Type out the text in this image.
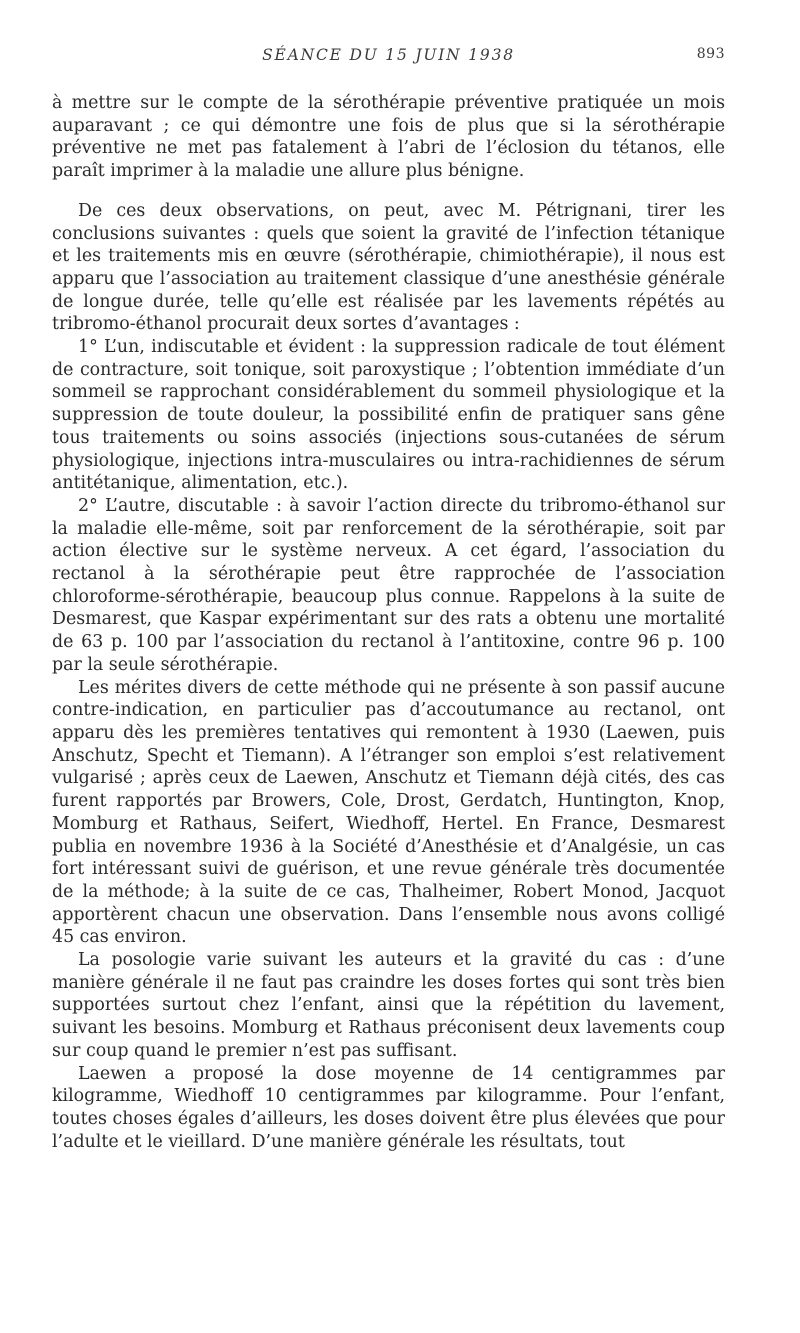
SÉANCE DU 15 JUIN 1938	893

à mettre sur le compte de la sérothérapie préventive pratiquée un mois auparavant ; ce qui démontre une fois de plus que si la sérothérapie préventive ne met pas fatalement à l’abri de l’éclosion du tétanos, elle paraît imprimer à la maladie une allure plus bénigne.

De ces deux observations, on peut, avec M. Pétrignani, tirer les conclusions suivantes : quels que soient la gravité de l’infection tétanique et les traitements mis en œuvre (sérothérapie, chimiothérapie), il nous est apparu que l’association au traitement classique d’une anesthésie générale de longue durée, telle qu’elle est réalisée par les lavements répétés au tribromo-éthanol procurait deux sortes d’avantages :

1° L’un, indiscutable et évident : la suppression radicale de tout élément de contracture, soit tonique, soit paroxystique ; l’obtention immédiate d’un sommeil se rapprochant considérablement du sommeil physiologique et la suppression de toute douleur, la possibilité enfin de pratiquer sans gêne tous traitements ou soins associés (injections sous-cutanées de sérum physiologique, injections intra-musculaires ou intra-rachidiennes de sérum antitétanique, alimentation, etc.).

2° L’autre, discutable : à savoir l’action directe du tribromo-éthanol sur la maladie elle-même, soit par renforcement de la sérothérapie, soit par action élective sur le système nerveux. A cet égard, l’association du rectanol à la sérothérapie peut être rapprochée de l’association chloroforme-sérothérapie, beaucoup plus connue. Rappelons à la suite de Desmarest, que Kaspar expérimentant sur des rats a obtenu une mortalité de 63 p. 100 par l’association du rectanol à l’antitoxine, contre 96 p. 100 par la seule sérothérapie.

Les mérites divers de cette méthode qui ne présente à son passif aucune contre-indication, en particulier pas d’accoutumance au rectanol, ont apparu dès les premières tentatives qui remontent à 1930 (Laewen, puis Anschutz, Specht et Tiemann). A l’étranger son emploi s’est relativement vulgarisé ; après ceux de Laewen, Anschutz et Tiemann déjà cités, des cas furent rapportés par Browers, Cole, Drost, Gerdatch, Huntington, Knop, Momburg et Rathaus, Seifert, Wiedhoff, Hertel. En France, Desmarest publia en novembre 1936 à la Société d’Anesthésie et d’Analgésie, un cas fort intéressant suivi de guérison, et une revue générale très documentée de la méthode; à la suite de ce cas, Thalheimer, Robert Monod, Jacquot apportèrent chacun une observation. Dans l’ensemble nous avons colligé 45 cas environ.

La posologie varie suivant les auteurs et la gravité du cas : d’une manière générale il ne faut pas craindre les doses fortes qui sont très bien supportées surtout chez l’enfant, ainsi que la répétition du lavement, suivant les besoins. Momburg et Rathaus préconisent deux lavements coup sur coup quand le premier n’est pas suffisant.

Laewen a proposé la dose moyenne de 14 centigrammes par kilogramme, Wiedhoff 10 centigrammes par kilogramme. Pour l’enfant, toutes choses égales d’ailleurs, les doses doivent être plus élevées que pour l’adulte et le vieillard. D’une manière générale les résultats, tout
